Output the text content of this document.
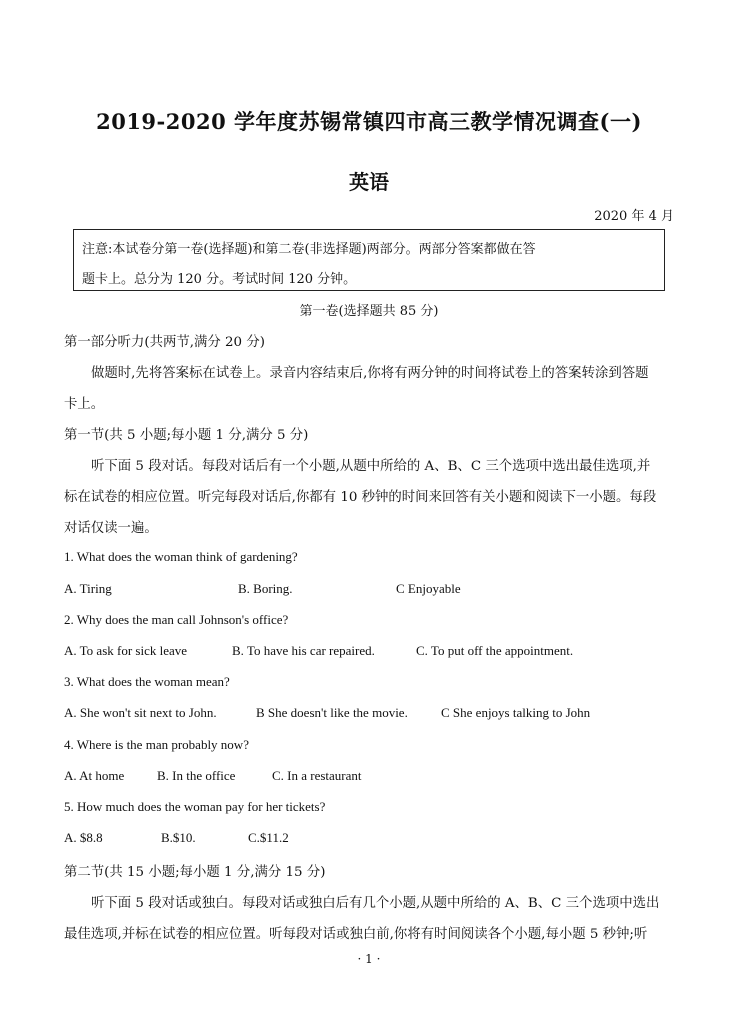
2019-2020 学年度苏锡常镇四市高三教学情况调查(一)
英语
2020 年 4 月
注意:本试卷分第一卷(选择题)和第二卷(非选择题)两部分。两部分答案都做在答
题卡上。总分为 120 分。考试时间 120 分钟。
第一卷(选择题共 85 分)
第一部分听力(共两节,满分 20 分)
做题时,先将答案标在试卷上。录音内容结束后,你将有两分钟的时间将试卷上的答案转涂到答题
卡上。
第一节(共 5 小题;每小题 1 分,满分 5 分)
听下面 5 段对话。每段对话后有一个小题,从题中所给的 A、B、C 三个选项中选出最佳选项,并
标在试卷的相应位置。听完每段对话后,你都有 10 秒钟的时间来回答有关小题和阅读下一小题。每段
对话仅读一遍。
1. What does the woman think of gardening?
A. Tiring	B. Boring.	C Enjoyable
2. Why does the man call Johnson's office?
A. To ask for sick leave	B. To have his car repaired.	C. To put off the appointment.
3. What does the woman mean?
A. She won't sit next to John.	B She doesn't like the movie.	C She enjoys talking to John
4. Where is the man probably now?
A. At home	B. In the office	C. In a restaurant
5. How much does the woman pay for her tickets?
A. $8.8	B.$10.	C.$11.2
第二节(共 15 小题;每小题 1 分,满分 15 分)
听下面 5 段对话或独白。每段对话或独白后有几个小题,从题中所给的 A、B、C 三个选项中选出
最佳选项,并标在试卷的相应位置。听每段对话或独白前,你将有时间阅读各个小题,每小题 5 秒钟;听
· 1 ·
